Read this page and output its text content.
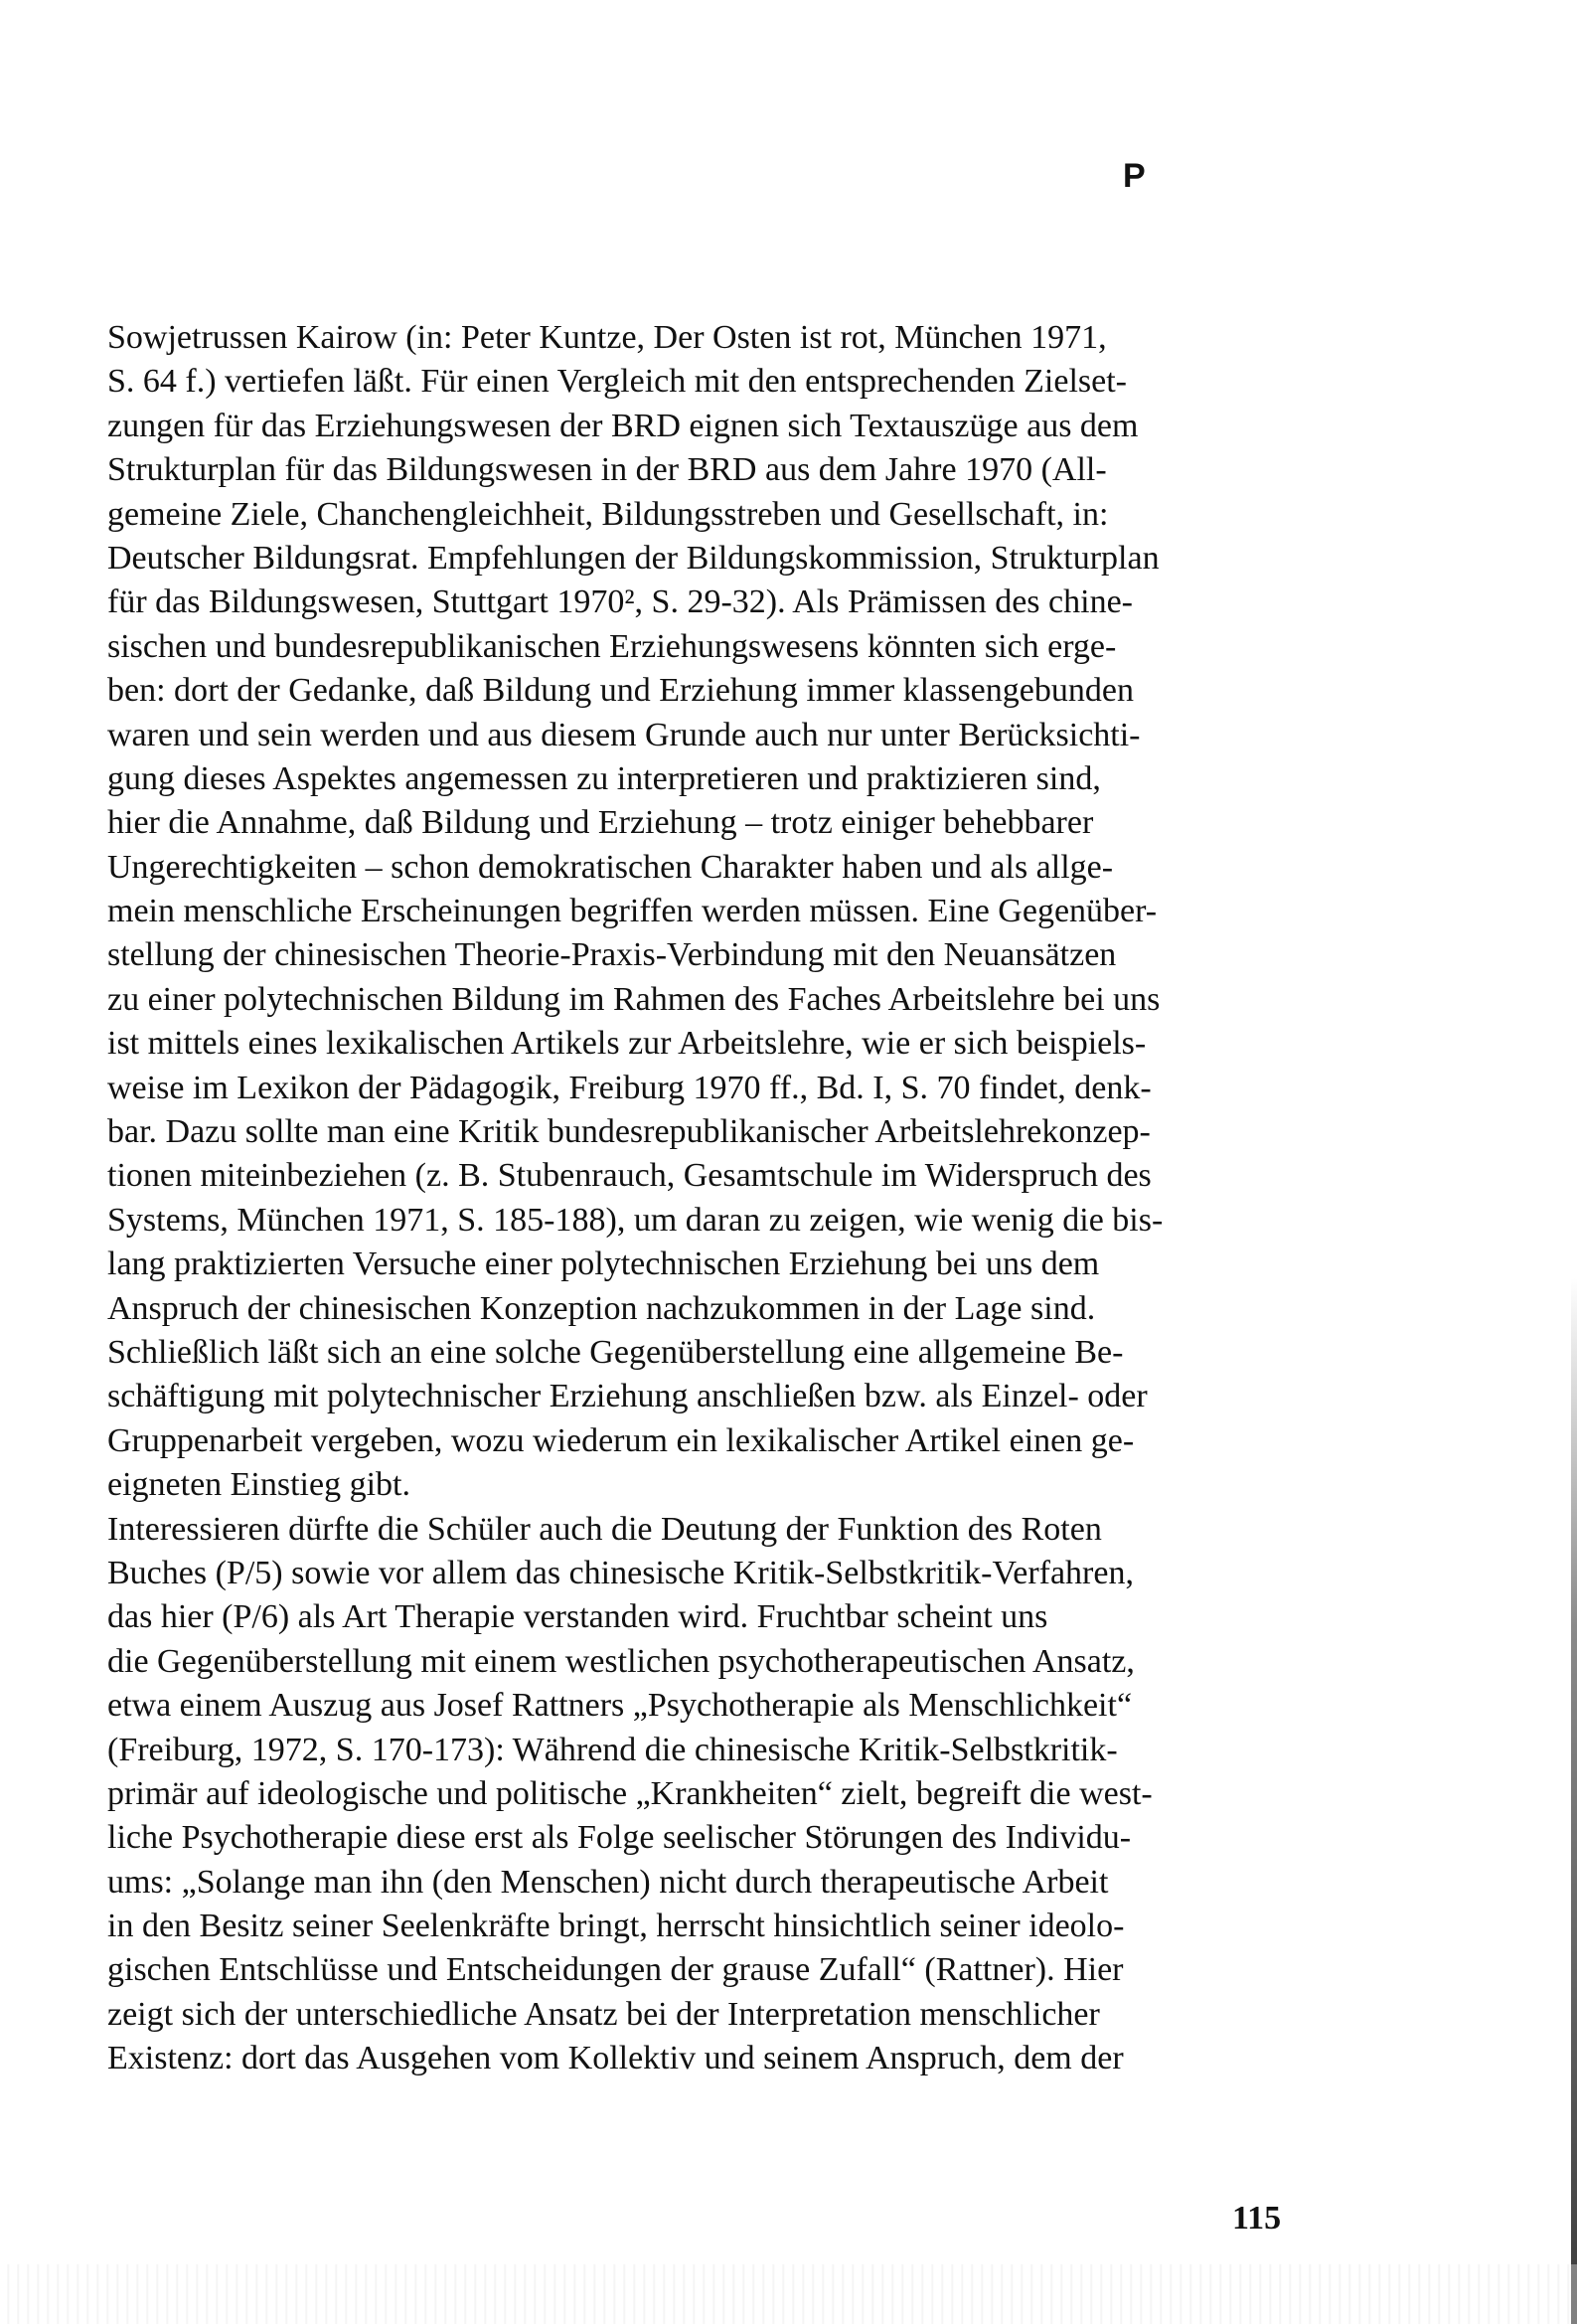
P
Sowjetrussen Kairow (in: Peter Kuntze, Der Osten ist rot, München 1971,
S. 64 f.) vertiefen läßt. Für einen Vergleich mit den entsprechenden Zielset-
zungen für das Erziehungswesen der BRD eignen sich Textauszüge aus dem
Strukturplan für das Bildungswesen in der BRD aus dem Jahre 1970 (All-
gemeine Ziele, Chanchengleichheit, Bildungsstreben und Gesellschaft, in:
Deutscher Bildungsrat. Empfehlungen der Bildungskommission, Strukturplan
für das Bildungswesen, Stuttgart 1970², S. 29-32). Als Prämissen des chine-
sischen und bundesrepublikanischen Erziehungswesens könnten sich erge-
ben: dort der Gedanke, daß Bildung und Erziehung immer klassengebunden
waren und sein werden und aus diesem Grunde auch nur unter Berücksichti-
gung dieses Aspektes angemessen zu interpretieren und praktizieren sind,
hier die Annahme, daß Bildung und Erziehung – trotz einiger behebbarer
Ungerechtigkeiten – schon demokratischen Charakter haben und als allge-
mein menschliche Erscheinungen begriffen werden müssen. Eine Gegenüber-
stellung der chinesischen Theorie-Praxis-Verbindung mit den Neuansätzen
zu einer polytechnischen Bildung im Rahmen des Faches Arbeitslehre bei uns
ist mittels eines lexikalischen Artikels zur Arbeitslehre, wie er sich beispiels-
weise im Lexikon der Pädagogik, Freiburg 1970 ff., Bd. I, S. 70 findet, denk-
bar. Dazu sollte man eine Kritik bundesrepublikanischer Arbeitslehrekonzep-
tionen miteinbeziehen (z. B. Stubenrauch, Gesamtschule im Widerspruch des
Systems, München 1971, S. 185-188), um daran zu zeigen, wie wenig die bis-
lang praktizierten Versuche einer polytechnischen Erziehung bei uns dem
Anspruch der chinesischen Konzeption nachzukommen in der Lage sind.
Schließlich läßt sich an eine solche Gegenüberstellung eine allgemeine Be-
schäftigung mit polytechnischer Erziehung anschließen bzw. als Einzel- oder
Gruppenarbeit vergeben, wozu wiederum ein lexikalischer Artikel einen ge-
eigneten Einstieg gibt.
Interessieren dürfte die Schüler auch die Deutung der Funktion des Roten
Buches (P/5) sowie vor allem das chinesische Kritik-Selbstkritik-Verfahren,
das hier (P/6) als Art Therapie verstanden wird. Fruchtbar scheint uns
die Gegenüberstellung mit einem westlichen psychotherapeutischen Ansatz,
etwa einem Auszug aus Josef Rattners „Psychotherapie als Menschlichkeit“
(Freiburg, 1972, S. 170-173): Während die chinesische Kritik-Selbstkritik-
primär auf ideologische und politische „Krankheiten“ zielt, begreift die west-
liche Psychotherapie diese erst als Folge seelischer Störungen des Individu-
ums: „Solange man ihn (den Menschen) nicht durch therapeutische Arbeit
in den Besitz seiner Seelenkräfte bringt, herrscht hinsichtlich seiner ideolo-
gischen Entschlüsse und Entscheidungen der grause Zufall“ (Rattner). Hier
zeigt sich der unterschiedliche Ansatz bei der Interpretation menschlicher
Existenz: dort das Ausgehen vom Kollektiv und seinem Anspruch, dem der
115
